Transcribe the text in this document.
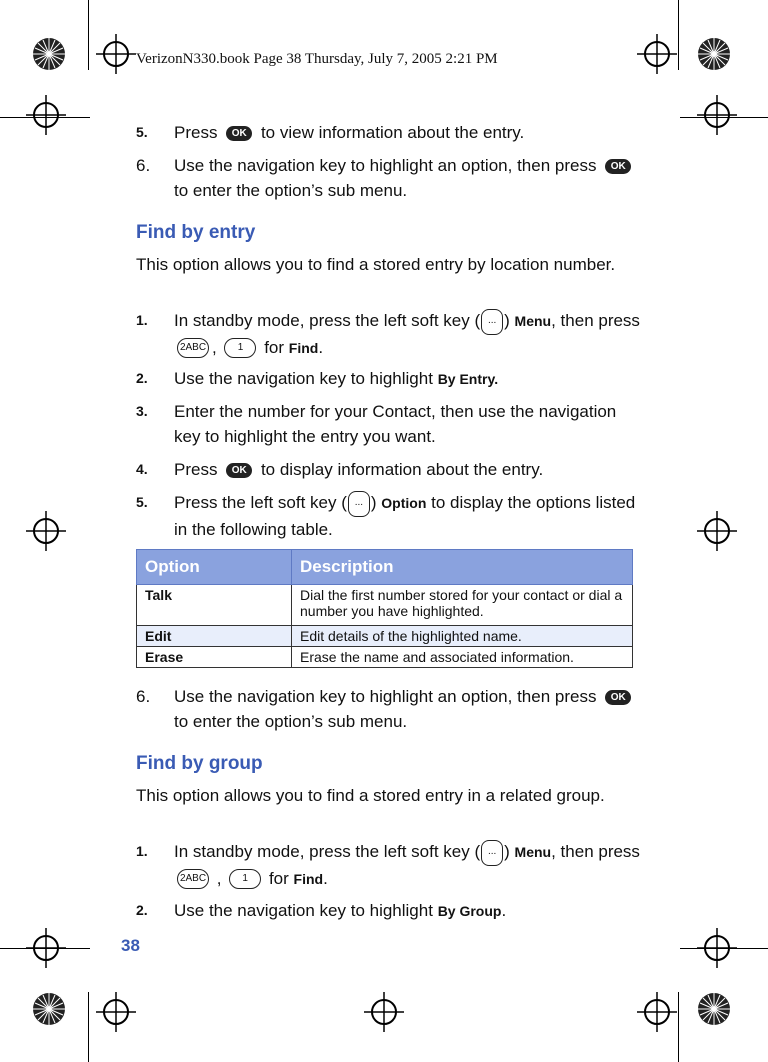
VerizonN330.book Page 38 Thursday, July 7, 2005 2:21 PM
5. Press OK to view information about the entry.
6. Use the navigation key to highlight an option, then press OK to enter the option’s sub menu.
Find by entry
This option allows you to find a stored entry by location number.
1. In standby mode, press the left soft key ( ... ) Menu, then press 2ABC , 1 for Find.
2. Use the navigation key to highlight By Entry.
3. Enter the number for your Contact, then use the navigation key to highlight the entry you want.
4. Press OK to display information about the entry.
5. Press the left soft key ( ... ) Option to display the options listed in the following table.
Option	Description
Talk	Dial the first number stored for your contact or dial a number you have highlighted.
Edit	Edit details of the highlighted name.
Erase	Erase the name and associated information.
6. Use the navigation key to highlight an option, then press OK to enter the option’s sub menu.
Find by group
This option allows you to find a stored entry in a related group.
1. In standby mode, press the left soft key ( ... ) Menu, then press 2ABC , 1 for Find.
2. Use the navigation key to highlight By Group.
38
